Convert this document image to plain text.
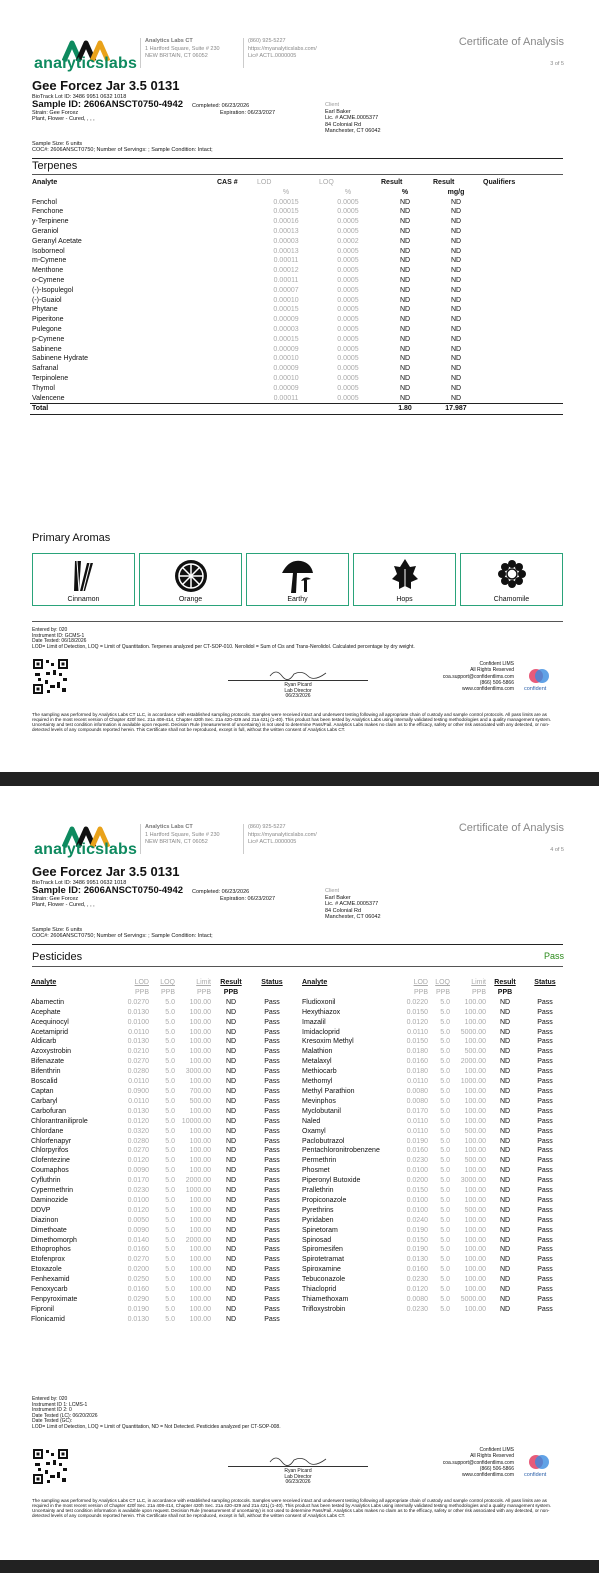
analyticslabs
Analytics Labs CT
1 Hartford Square, Suite # 230
NEW BRITAIN, CT 06052
(860) 925-5227
https://myanalyticslabs.com/
Lic# ACTL.0000005
Certificate of Analysis
3 of 5
Gee Forcez Jar 3.5 0131
BioTrack Lot ID: 3486 9951 0632 1018
Sample ID: 2606ANSCT0750-4942
Strain: Gee Forcez
Plant, Flower - Cured, , , ,
Completed: 06/23/2026
Expiration: 06/23/2027
Client
Earl Baker
Lic. # ACME.0005377
84 Colonial Rd
Manchester, CT 06042
Sample Size: 6 units
COC#: 2606ANSCT0750; Number of Servings: ; Sample Condition: Intact;
Terpenes
Analyte	CAS #	LOD	LOQ	Result	Result	Qualifiers
		%	%	%	mg/g	
Fenchol		0.00015	0.0005	ND	ND	
Fenchone		0.00015	0.0005	ND	ND	
y-Terpinene		0.00016	0.0005	ND	ND	
Geraniol		0.00013	0.0005	ND	ND	
Geranyl Acetate		0.00003	0.0002	ND	ND	
Isoborneol		0.00013	0.0005	ND	ND	
m-Cymene		0.00011	0.0005	ND	ND	
Menthone		0.00012	0.0005	ND	ND	
o-Cymene		0.00011	0.0005	ND	ND	
(-)-Isopulegol		0.00007	0.0005	ND	ND	
(-)-Guaiol		0.00010	0.0005	ND	ND	
Phytane		0.00015	0.0005	ND	ND	
Piperitone		0.00009	0.0005	ND	ND	
Pulegone		0.00003	0.0005	ND	ND	
p-Cymene		0.00015	0.0005	ND	ND	
Sabinene		0.00009	0.0005	ND	ND	
Sabinene Hydrate		0.00010	0.0005	ND	ND	
Safranal		0.00009	0.0005	ND	ND	
Terpinolene		0.00010	0.0005	ND	ND	
Thymol		0.00009	0.0005	ND	ND	
Valencene		0.00011	0.0005	ND	ND	
Total				1.80	17.987	
Primary Aromas
Cinnamon	Orange	Earthy	Hops	Chamomile
Entered by: 020
Instrument ID: GCMS-1
Date Tested: 06/18/2026
LOD= Limit of Detection, LOQ = Limit of Quantitation. Terpenes analyzed per CT-SOP-010. Nerolidol = Sum of Cis and Trans-Nerolidol. Calculated percentage by dry weight.
Ryan Picard
Lab Director
06/23/2026
Confident LIMS
All Rights Reserved
coa.support@confidentlims.com
(866) 506-5866
www.confidentlims.com confident
The sampling was performed by Analytics Labs CT LLC, in accordance with established sampling protocols. Samples were received intact and underwent testing following all appropriate chain of custody and sample control protocols. All pass limits are as required in the most recent version of Chapter 420f Sec. 21a 408-414, Chapter 420h Sec. 21a 420-429 and 21a 421j (1-40). This product has been tested by Analytics Labs using internally validated testing methodologies and a quality management system. Uncertainty and test condition information is available upon request. Decision Rule (measurement of uncertainty) is not used to determine Pass/Fail. Analytics Labs makes no claim as to the efficacy, safety or other risk associated with any detected, or non-detected levels of any compounds reported herein. This Certificate shall not be reproduced, except in full, without the written consent of Analytics Labs CT.
analyticslabs
Analytics Labs CT
1 Hartford Square, Suite # 230
NEW BRITAIN, CT 06052
(860) 925-5227
https://myanalyticslabs.com/
Lic# ACTL.0000005
Certificate of Analysis
4 of 5
Gee Forcez Jar 3.5 0131
BioTrack Lot ID: 3486 9951 0632 1018
Sample ID: 2606ANSCT0750-4942
Strain: Gee Forcez
Plant, Flower - Cured, , , ,
Completed: 06/23/2026
Expiration: 06/23/2027
Client
Earl Baker
Lic. # ACME.0005377
84 Colonial Rd
Manchester, CT 06042
Sample Size: 6 units
COC#: 2606ANSCT0750; Number of Servings: ; Sample Condition: Intact;
Pesticides	Pass
Analyte	LOD	LOQ	Limit	Result	Status
	PPB	PPB	PPB	PPB	
Abamectin	0.0270	5.0	100.00	ND	Pass
Acephate	0.0130	5.0	100.00	ND	Pass
Acequinocyl	0.0100	5.0	100.00	ND	Pass
Acetamiprid	0.0110	5.0	100.00	ND	Pass
Aldicarb	0.0130	5.0	100.00	ND	Pass
Azoxystrobin	0.0210	5.0	100.00	ND	Pass
Bifenazate	0.0270	5.0	100.00	ND	Pass
Bifenthrin	0.0280	5.0	3000.00	ND	Pass
Boscalid	0.0110	5.0	100.00	ND	Pass
Captan	0.0900	5.0	700.00	ND	Pass
Carbaryl	0.0110	5.0	500.00	ND	Pass
Carbofuran	0.0130	5.0	100.00	ND	Pass
Chlorantraniliprole	0.0120	5.0	10000.00	ND	Pass
Chlordane	0.0320	5.0	100.00	ND	Pass
Chlorfenapyr	0.0280	5.0	100.00	ND	Pass
Chlorpyrifos	0.0270	5.0	100.00	ND	Pass
Clofentezine	0.0120	5.0	100.00	ND	Pass
Coumaphos	0.0090	5.0	100.00	ND	Pass
Cyfluthrin	0.0170	5.0	2000.00	ND	Pass
Cypermethrin	0.0230	5.0	1000.00	ND	Pass
Daminozide	0.0100	5.0	100.00	ND	Pass
DDVP	0.0120	5.0	100.00	ND	Pass
Diazinon	0.0050	5.0	100.00	ND	Pass
Dimethoate	0.0090	5.0	100.00	ND	Pass
Dimethomorph	0.0140	5.0	2000.00	ND	Pass
Ethoprophos	0.0160	5.0	100.00	ND	Pass
Etofenprox	0.0270	5.0	100.00	ND	Pass
Etoxazole	0.0200	5.0	100.00	ND	Pass
Fenhexamid	0.0250	5.0	100.00	ND	Pass
Fenoxycarb	0.0160	5.0	100.00	ND	Pass
Fenpyroximate	0.0290	5.0	100.00	ND	Pass
Fipronil	0.0190	5.0	100.00	ND	Pass
Flonicamid	0.0130	5.0	100.00	ND	Pass
Analyte	LOD	LOQ	Limit	Result	Status
	PPB	PPB	PPB	PPB	
Fludioxonil	0.0220	5.0	100.00	ND	Pass
Hexythiazox	0.0150	5.0	100.00	ND	Pass
Imazalil	0.0120	5.0	100.00	ND	Pass
Imidacloprid	0.0110	5.0	5000.00	ND	Pass
Kresoxim Methyl	0.0150	5.0	100.00	ND	Pass
Malathion	0.0180	5.0	500.00	ND	Pass
Metalaxyl	0.0160	5.0	2000.00	ND	Pass
Methiocarb	0.0180	5.0	100.00	ND	Pass
Methomyl	0.0110	5.0	1000.00	ND	Pass
Methyl Parathion	0.0080	5.0	100.00	ND	Pass
Mevinphos	0.0080	5.0	100.00	ND	Pass
Myclobutanil	0.0170	5.0	100.00	ND	Pass
Naled	0.0110	5.0	100.00	ND	Pass
Oxamyl	0.0110	5.0	500.00	ND	Pass
Paclobutrazol	0.0190	5.0	100.00	ND	Pass
Pentachloronitrobenzene	0.0160	5.0	100.00	ND	Pass
Permethrin	0.0230	5.0	500.00	ND	Pass
Phosmet	0.0100	5.0	100.00	ND	Pass
Piperonyl Butoxide	0.0200	5.0	3000.00	ND	Pass
Prallethrin	0.0150	5.0	100.00	ND	Pass
Propiconazole	0.0100	5.0	100.00	ND	Pass
Pyrethrins	0.0100	5.0	500.00	ND	Pass
Pyridaben	0.0240	5.0	100.00	ND	Pass
Spinetoram	0.0190	5.0	100.00	ND	Pass
Spinosad	0.0150	5.0	100.00	ND	Pass
Spiromesifen	0.0190	5.0	100.00	ND	Pass
Spirotetramat	0.0130	5.0	100.00	ND	Pass
Spiroxamine	0.0160	5.0	100.00	ND	Pass
Tebuconazole	0.0230	5.0	100.00	ND	Pass
Thiacloprid	0.0120	5.0	100.00	ND	Pass
Thiamethoxam	0.0080	5.0	5000.00	ND	Pass
Trifloxystrobin	0.0230	5.0	100.00	ND	Pass
Entered by: 020
Instrument ID 1: LCMS-1
Instrument ID 2: 0
Date Tested (LC): 06/20/2026
Date Tested (GC):
LOD= Limit of Detection, LOQ = Limit of Quantitation, ND = Not Detected. Pesticides analyzed per CT-SOP-008.
Ryan Picard
Lab Director
06/23/2026
Confident LIMS
All Rights Reserved
coa.support@confidentlims.com
(866) 506-5866
www.confidentlims.com confident
The sampling was performed by Analytics Labs CT LLC, in accordance with established sampling protocols. Samples were received intact and underwent testing following all appropriate chain of custody and sample control protocols. All pass limits are as required in the most recent version of Chapter 420f Sec. 21a 408-414, Chapter 420h Sec. 21a 420-429 and 21a 421j (1-40). This product has been tested by Analytics Labs using internally validated testing methodologies and a quality management system. Uncertainty and test condition information is available upon request. Decision Rule (measurement of uncertainty) is not used to determine Pass/Fail. Analytics Labs makes no claim as to the efficacy, safety or other risk associated with any detected, or non-detected levels of any compounds reported herein. This Certificate shall not be reproduced, except in full, without the written consent of Analytics Labs CT.
